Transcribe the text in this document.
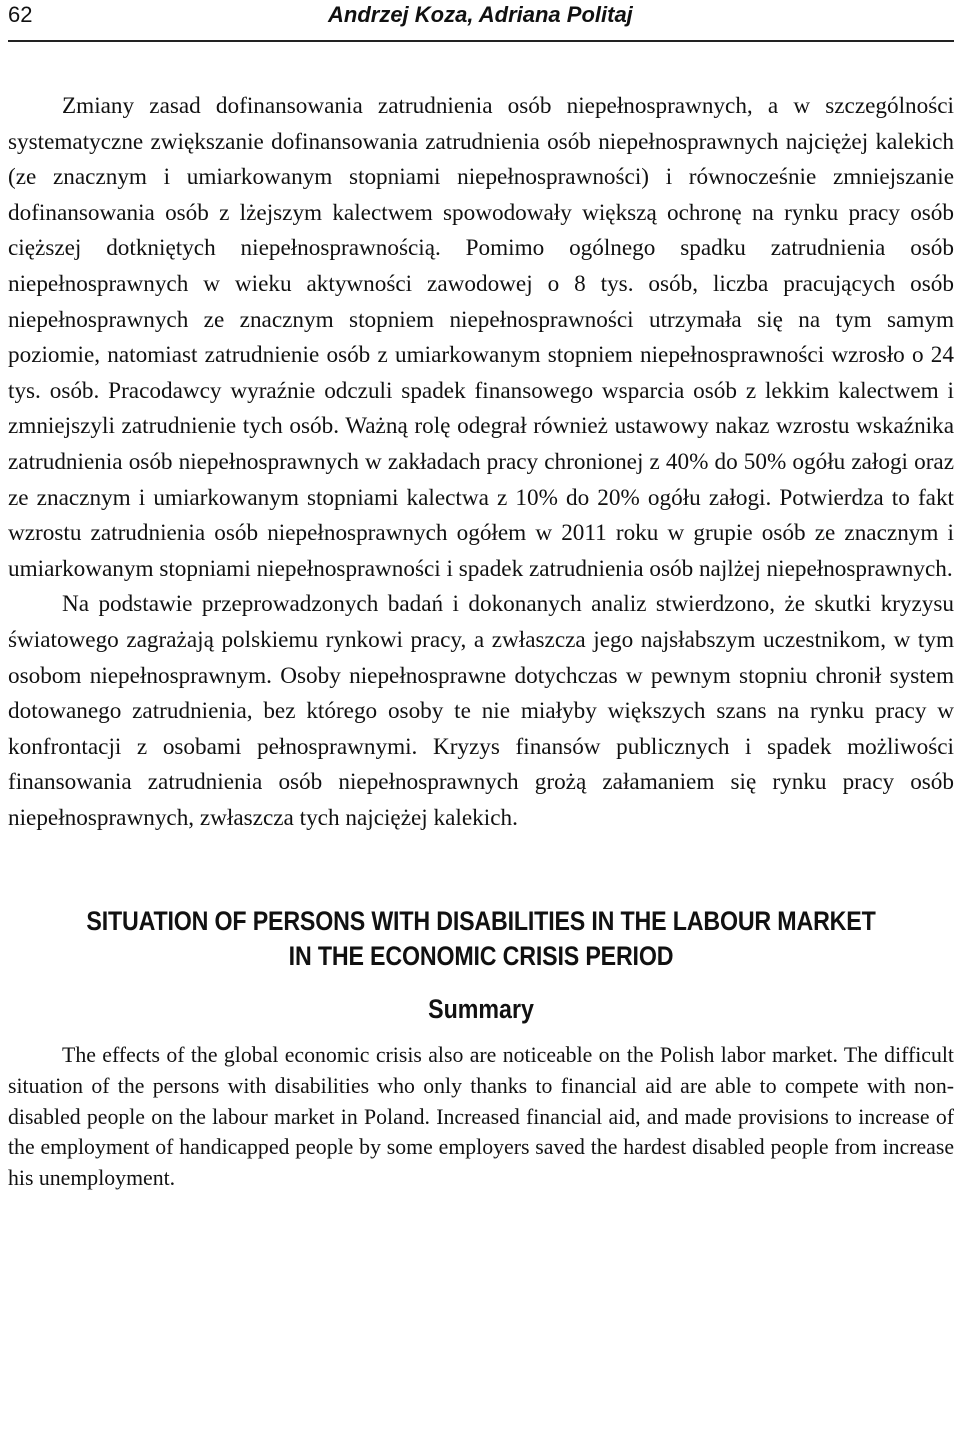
62	Andrzej Koza, Adriana Politaj

Zmiany zasad dofinansowania zatrudnienia osób niepełnosprawnych, a w szczególności systematyczne zwiększanie dofinansowania zatrudnienia osób niepełnosprawnych najciężej kalekich (ze znacznym i umiarkowanym stopniami niepełnosprawności) i równocześnie zmniejszanie dofinansowania osób z lżejszym kalectwem spowodowały większą ochronę na rynku pracy osób cięższej dotkniętych niepełnosprawnością. Pomimo ogólnego spadku zatrudnienia osób niepełnosprawnych w wieku aktywności zawodowej o 8 tys. osób, liczba pracujących osób niepełnosprawnych ze znacznym stopniem niepełnosprawności utrzymała się na tym samym poziomie, natomiast zatrudnienie osób z umiarkowanym stopniem niepełnosprawności wzrosło o 24 tys. osób. Pracodawcy wyraźnie odczuli spadek finansowego wsparcia osób z lekkim kalectwem i zmniejszyli zatrudnienie tych osób. Ważną rolę odegrał również ustawowy nakaz wzrostu wskaźnika zatrudnienia osób niepełnosprawnych w zakładach pracy chronionej z 40% do 50% ogółu załogi oraz ze znacznym i umiarkowanym stopniami kalectwa z 10% do 20% ogółu załogi. Potwierdza to fakt wzrostu zatrudnienia osób niepełnosprawnych ogółem w 2011 roku w grupie osób ze znacznym i umiarkowanym stopniami niepełnosprawności i spadek zatrudnienia osób najlżej niepełnosprawnych.

Na podstawie przeprowadzonych badań i dokonanych analiz stwierdzono, że skutki kryzysu światowego zagrażają polskiemu rynkowi pracy, a zwłaszcza jego najsłabszym uczestnikom, w tym osobom niepełnosprawnym. Osoby niepełnosprawne dotychczas w pewnym stopniu chronił system dotowanego zatrudnienia, bez którego osoby te nie miałyby większych szans na rynku pracy w konfrontacji z osobami pełnosprawnymi. Kryzys finansów publicznych i spadek możliwości finansowania zatrudnienia osób niepełnosprawnych grożą załamaniem się rynku pracy osób niepełnosprawnych, zwłaszcza tych najciężej kalekich.

SITUATION OF PERSONS WITH DISABILITIES IN THE LABOUR MARKET
IN THE ECONOMIC CRISIS PERIOD
Summary

The effects of the global economic crisis also are noticeable on the Polish labor market. The difficult situation of the persons with disabilities who only thanks to financial aid are able to compete with non-disabled people on the labour market in Poland. Increased financial aid, and made provisions to increase of the employment of handicapped people by some employers saved the hardest disabled people from increase his unemployment.
